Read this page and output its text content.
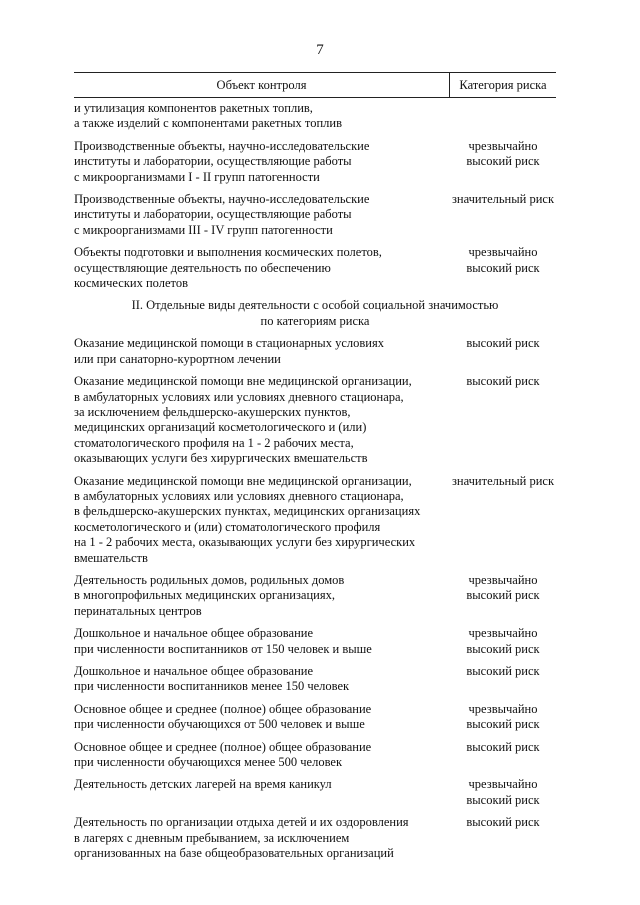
7
Объект контроля	Категория риска
и утилизация компонентов ракетных топлив,
а также изделий с компонентами ракетных топлив
Производственные объекты, научно-исследовательские
институты и лаборатории, осуществляющие работы
с микроорганизмами I - II групп патогенности
чрезвычайно
высокий риск
Производственные объекты, научно-исследовательские
институты и лаборатории, осуществляющие работы
с микроорганизмами III - IV групп патогенности
значительный риск
Объекты подготовки и выполнения космических полетов,
осуществляющие деятельность по обеспечению
космических полетов
чрезвычайно
высокий риск
II. Отдельные виды деятельности с особой социальной значимостью
по категориям риска
Оказание медицинской помощи в стационарных условиях
или при санаторно-курортном лечении
высокий риск
Оказание медицинской помощи вне медицинской организации,
в амбулаторных условиях или условиях дневного стационара,
за исключением фельдшерско-акушерских пунктов,
медицинских организаций косметологического и (или)
стоматологического профиля на 1 - 2 рабочих места,
оказывающих услуги без хирургических вмешательств
высокий риск
Оказание медицинской помощи вне медицинской организации,
в амбулаторных условиях или условиях дневного стационара,
в фельдшерско-акушерских пунктах, медицинских организациях
косметологического и (или) стоматологического профиля
на 1 - 2 рабочих места, оказывающих услуги без хирургических
вмешательств
значительный риск
Деятельность родильных домов, родильных домов
в многопрофильных медицинских организациях,
перинатальных центров
чрезвычайно
высокий риск
Дошкольное и начальное общее образование
при численности воспитанников от 150 человек и выше
чрезвычайно
высокий риск
Дошкольное и начальное общее образование
при численности воспитанников менее 150 человек
высокий риск
Основное общее и среднее (полное) общее образование
при численности обучающихся от 500 человек и выше
чрезвычайно
высокий риск
Основное общее и среднее (полное) общее образование
при численности обучающихся менее 500 человек
высокий риск
Деятельность детских лагерей на время каникул	чрезвычайно
высокий риск
Деятельность по организации отдыха детей и их оздоровления
в лагерях с дневным пребыванием, за исключением
организованных на базе общеобразовательных организаций
высокий риск
